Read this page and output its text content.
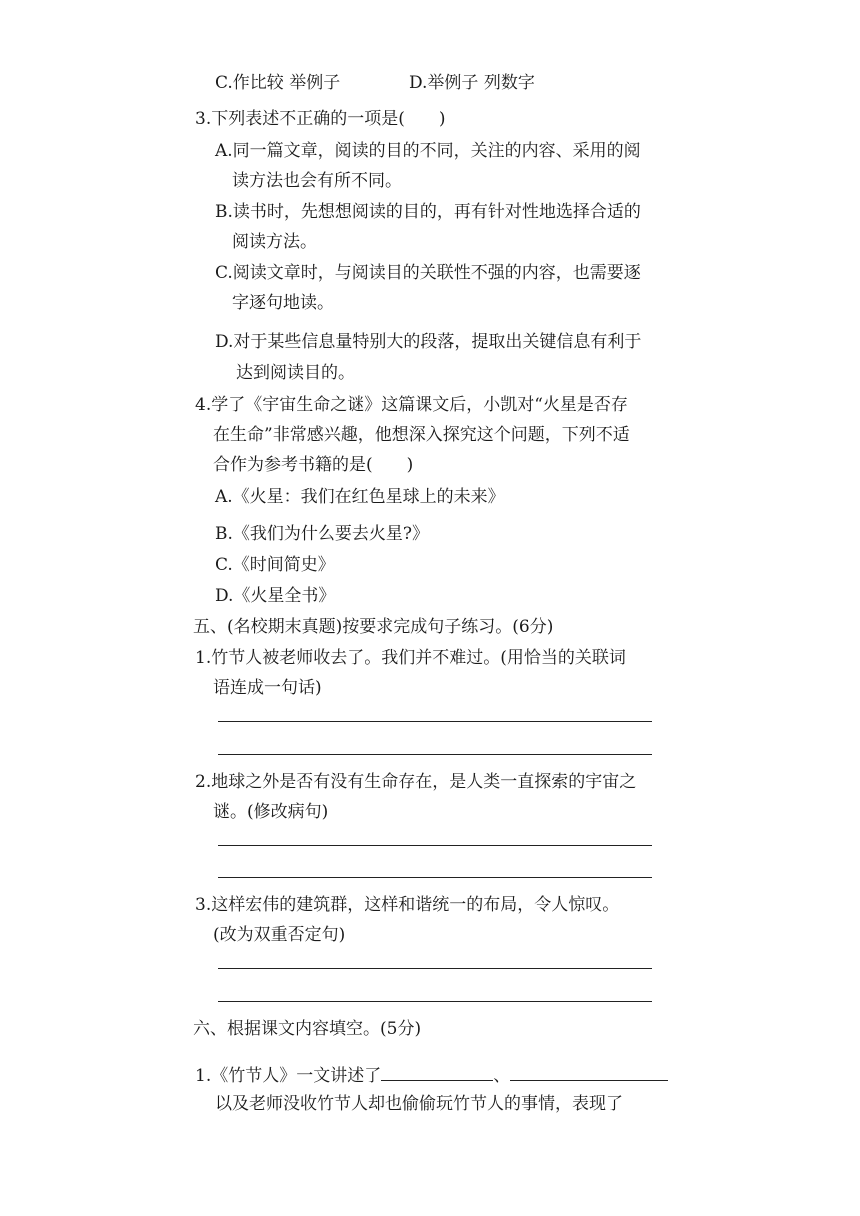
C.作比较 举例子	D.举例子 列数字
3.下列表述不正确的一项是(　　)
A.同一篇文章，阅读的目的不同，关注的内容、采用的阅
读方法也会有所不同。
B.读书时，先想想阅读的目的，再有针对性地选择合适的
阅读方法。
C.阅读文章时，与阅读目的关联性不强的内容，也需要逐
字逐句地读。
D.对于某些信息量特别大的段落，提取出关键信息有利于
达到阅读目的。
4.学了《宇宙生命之谜》这篇课文后，小凯对“火星是否存
在生命”非常感兴趣，他想深入探究这个问题，下列不适
合作为参考书籍的是(　　)
A.《火星：我们在红色星球上的未来》
B.《我们为什么要去火星?》
C.《时间简史》
D.《火星全书》
五、(名校期末真题)按要求完成句子练习。(6分)
1.竹节人被老师收去了。我们并不难过。(用恰当的关联词
语连成一句话)
2.地球之外是否有没有生命存在，是人类一直探索的宇宙之
谜。(修改病句)
3.这样宏伟的建筑群，这样和谐统一的布局，令人惊叹。
(改为双重否定句)
六、根据课文内容填空。(5分)
1.《竹节人》一文讲述了	、
以及老师没收竹节人却也偷偷玩竹节人的事情，表现了
